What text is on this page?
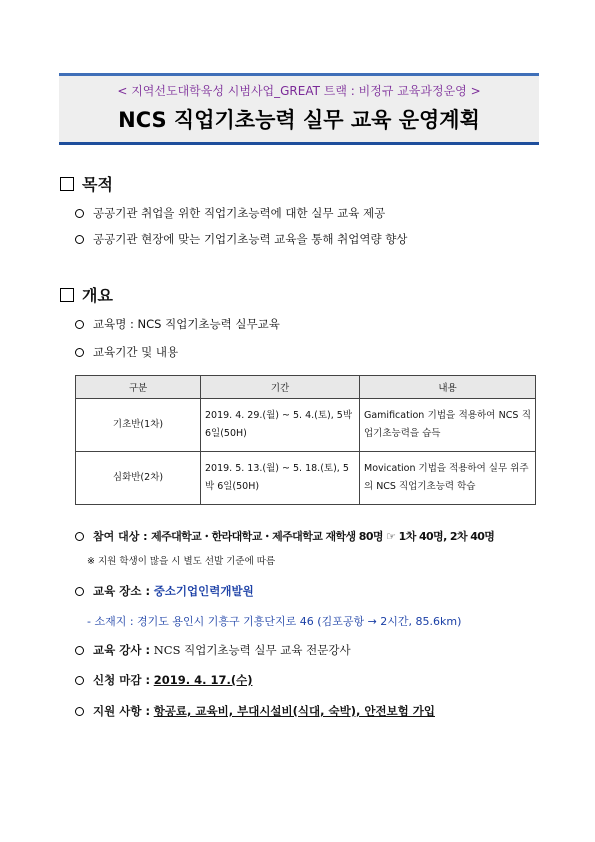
< 지역선도대학육성 시범사업_GREAT 트랙 : 비정규 교육과정운영 >
NCS 직업기초능력 실무 교육 운영계획
목적
공공기관 취업을 위한 직업기초능력에 대한 실무 교육 제공
공공기관 현장에 맞는 기업기초능력 교육을 통해 취업역량 향상
개요
교육명 : NCS 직업기초능력 실무교육
교육기간 및 내용
구분	기간	내용
기초반(1차)	2019. 4. 29.(월) ~ 5. 4.(토), 5박 6일(50H)	Gamification 기법을 적용하여 NCS 직업기초능력을 습득
심화반(2차)	2019. 5. 13.(월) ~ 5. 18.(토), 5박 6일(50H)	Movication 기법을 적용하여 실무 위주의 NCS 직업기초능력 학습
참여 대상 : 제주대학교・한라대학교・제주대학교 재학생 80명 ☞ 1차 40명, 2차 40명
※ 지원 학생이 많을 시 별도 선발 기준에 따름
교육 장소 : 중소기업인력개발원
- 소재지 : 경기도 용인시 기흥구 기흥단지로 46 (김포공항 → 2시간, 85.6km)
교육 강사 : NCS 직업기초능력 실무 교육 전문강사
신청 마감 : 2019. 4. 17.(수)
지원 사항 : 항공료, 교육비, 부대시설비(식대, 숙박), 안전보험 가입
